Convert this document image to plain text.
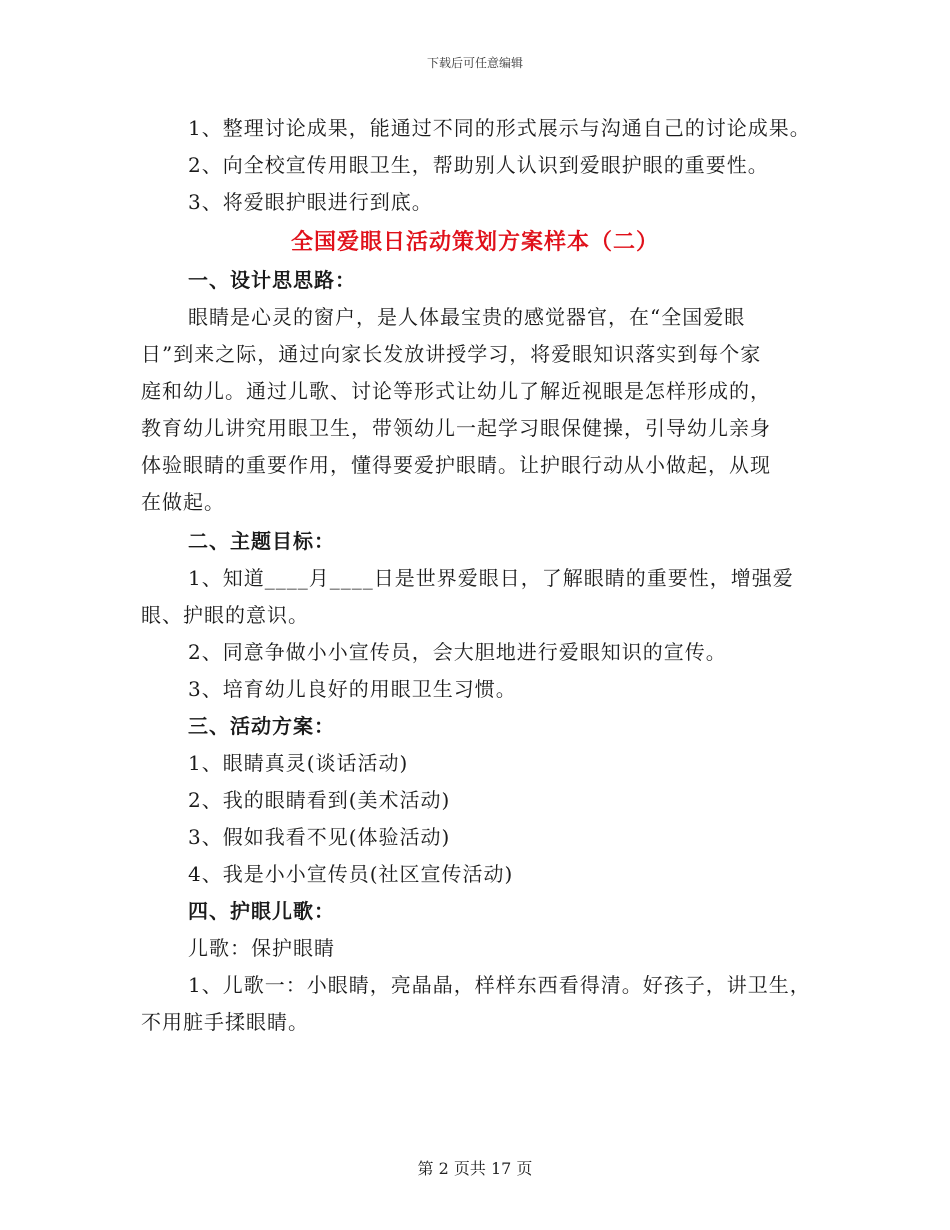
下载后可任意编辑
1、整理讨论成果，能通过不同的形式展示与沟通自己的讨论成果。
2、向全校宣传用眼卫生，帮助别人认识到爱眼护眼的重要性。
3、将爱眼护眼进行到底。
全国爱眼日活动策划方案样本（二）
一、设计思思路：
眼睛是心灵的窗户，是人体最宝贵的感觉器官，在“全国爱眼
日”到来之际，通过向家长发放讲授学习，将爱眼知识落实到每个家
庭和幼儿。通过儿歌、讨论等形式让幼儿了解近视眼是怎样形成的，
教育幼儿讲究用眼卫生，带领幼儿一起学习眼保健操，引导幼儿亲身
体验眼睛的重要作用，懂得要爱护眼睛。让护眼行动从小做起，从现
在做起。
二、主题目标：
1、知道____月____日是世界爱眼日，了解眼睛的重要性，增强爱
眼、护眼的意识。
2、同意争做小小宣传员，会大胆地进行爱眼知识的宣传。
3、培育幼儿良好的用眼卫生习惯。
三、活动方案：
1、眼睛真灵(谈话活动)
2、我的眼睛看到(美术活动)
3、假如我看不见(体验活动)
4、我是小小宣传员(社区宣传活动)
四、护眼儿歌：
儿歌：保护眼睛
1、儿歌一：小眼睛，亮晶晶，样样东西看得清。好孩子，讲卫生，
不用脏手揉眼睛。
第 2 页共 17 页
